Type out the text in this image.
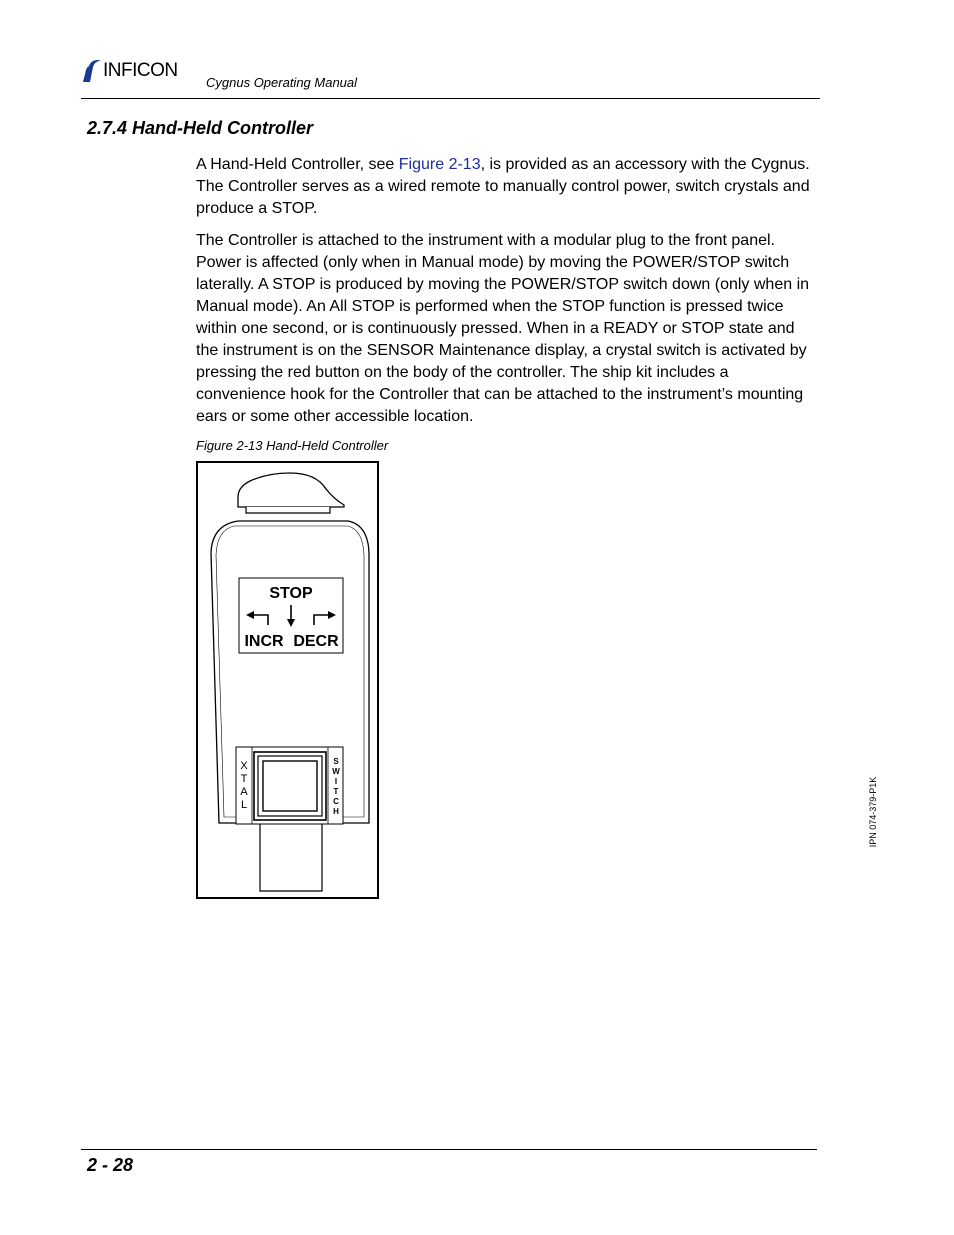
INFICON
Cygnus Operating Manual
2.7.4 Hand-Held Controller

A Hand-Held Controller, see Figure 2-13, is provided as an accessory with the Cygnus. The Controller serves as a wired remote to manually control power, switch crystals and produce a STOP.

The Controller is attached to the instrument with a modular plug to the front panel. Power is affected (only when in Manual mode) by moving the POWER/STOP switch laterally. A STOP is produced by moving the POWER/STOP switch down (only when in Manual mode). An All STOP is performed when the STOP function is pressed twice within one second, or is continuously pressed. When in a READY or STOP state and the instrument is on the SENSOR Maintenance display, a crystal switch is activated by pressing the red button on the body of the controller. The ship kit includes a convenience hook for the Controller that can be attached to the instrument’s mounting ears or some other accessible location.

Figure 2-13 Hand-Held Controller
STOP
INCR DECR
X
T
A
L
S
W
I
T
C
H	IPN 074-379-P1K
2 - 28
